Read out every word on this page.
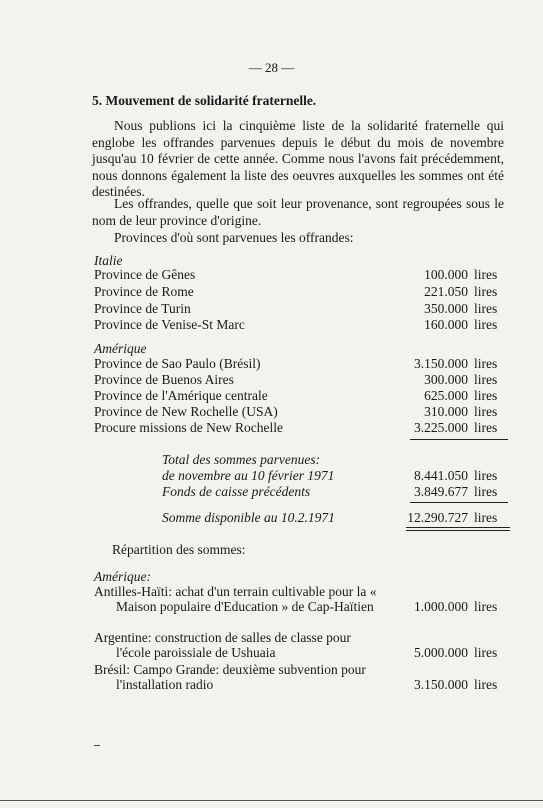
— 28 —
5. Mouvement de solidarité fraternelle.
Nous publions ici la cinquième liste de la solidarité fraternelle qui englobe les offrandes parvenues depuis le début du mois de novembre jusqu'au 10 février de cette année. Comme nous l'avons fait précédemment, nous donnons également la liste des oeuvres auxquelles les sommes ont été destinées.
Les offrandes, quelle que soit leur provenance, sont regroupées sous le nom de leur province d'origine.
Provinces d'où sont parvenues les offrandes:
Italie
Province de Gênes	100.000 lires
Province de Rome	221.050 lires
Province de Turin	350.000 lires
Province de Venise-St Marc	160.000 lires
Amérique
Province de Sao Paulo (Brésil)	3.150.000 lires
Province de Buenos Aires	300.000 lires
Province de l'Amérique centrale	625.000 lires
Province de New Rochelle (USA)	310.000 lires
Procure missions de New Rochelle	3.225.000 lires
Total des sommes parvenues:
de novembre au 10 février 1971	8.441.050 lires
Fonds de caisse précédents	3.849.677 lires
Somme disponible au 10.2.1971	12.290.727 lires
Répartition des sommes:
Amérique:
Antilles-Haïti: achat d'un terrain cultivable pour la « Maison populaire d'Education » de Cap-Haïtien	1.000.000 lires
Argentine: construction de salles de classe pour l'école paroissiale de Ushuaia	5.000.000 lires
Brésil: Campo Grande: deuxième subvention pour l'installation radio	3.150.000 lires
